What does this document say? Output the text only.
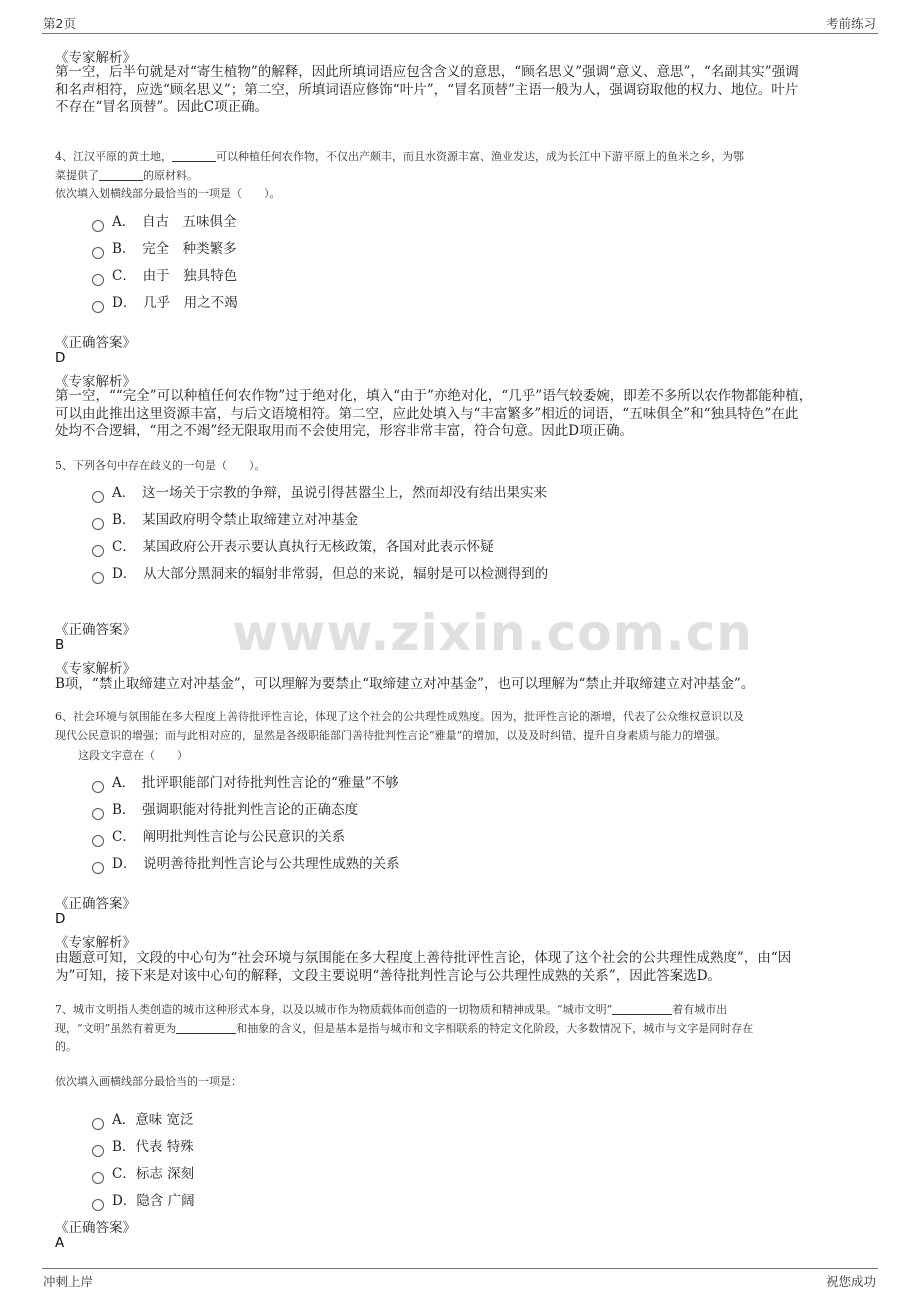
第2页	考前练习
《专家解析》
第一空，后半句就是对“寄生植物”的解释，因此所填词语应包含含义的意思，“顾名思义”强调“意义、意思”，“名副其实”强调
和名声相符，应选“顾名思义”；第二空，所填词语应修饰“叶片”，“冒名顶替”主语一般为人，强调窃取他的权力、地位。叶片
不存在“冒名顶替”。因此C项正确。
4、江汉平原的黄土地，	可以种植任何农作物，不仅出产颇丰，而且水资源丰富、渔业发达，成为长江中下游平原上的鱼米之乡，为鄂
菜提供了	的原材料。
依次填入划横线部分最恰当的一项是（　　）。
A．　自古　五味俱全
B．　完全　种类繁多
C．　由于　独具特色
D．　几乎　用之不竭
《正确答案》
D
《专家解析》
第一空，““完全”可以种植任何农作物”过于绝对化，填入“由于”亦绝对化，“几乎”语气较委婉，即差不多所以农作物都能种植，
可以由此推出这里资源丰富，与后文语境相符。第二空，应此处填入与“丰富繁多”相近的词语，“五味俱全”和“独具特色”在此
处均不合逻辑，“用之不竭”经无限取用而不会使用完，形容非常丰富，符合句意。因此D项正确。
5、下列各句中存在歧义的一句是（　　）。
A．　这一场关于宗教的争辩，虽说引得甚嚣尘上，然而却没有结出果实来
B．　某国政府明令禁止取缔建立对冲基金
C．　某国政府公开表示要认真执行无核政策，各国对此表示怀疑
D．　从大部分黑洞来的辐射非常弱，但总的来说，辐射是可以检测得到的
www.zixin.com.cn
《正确答案》
B
《专家解析》
B项，“禁止取缔建立对冲基金”，可以理解为要禁止“取缔建立对冲基金”，也可以理解为“禁止并取缔建立对冲基金”。
6、社会环境与氛围能在多大程度上善待批评性言论，体现了这个社会的公共理性成熟度。因为，批评性言论的渐增，代表了公众维权意识以及
现代公民意识的增强；而与此相对应的，显然是各级职能部门善待批判性言论“雅量”的增加，以及及时纠错、提升自身素质与能力的增强。
这段文字意在（　　）
A．　批评职能部门对待批判性言论的“雅量”不够
B．　强调职能对待批判性言论的正确态度
C．　阐明批判性言论与公民意识的关系
D．　说明善待批判性言论与公共理性成熟的关系
《正确答案》
D
《专家解析》
由题意可知，文段的中心句为“社会环境与氛围能在多大程度上善待批评性言论，体现了这个社会的公共理性成熟度”，由“因
为”可知，接下来是对该中心句的解释，文段主要说明“善待批判性言论与公共理性成熟的关系”，因此答案选D。
7、城市文明指人类创造的城市这种形式本身，以及以城市作为物质载体而创造的一切物质和精神成果。“城市文明”	着有城市出
现，“文明”虽然有着更为	和抽象的含义，但是基本是指与城市和文字相联系的特定文化阶段，大多数情况下，城市与文字是同时存在
的。
依次填入画横线部分最恰当的一项是：
A．意味 宽泛
B．代表 特殊
C．标志 深刻
D．隐含 广阔
《正确答案》
A
冲刺上岸	祝您成功
